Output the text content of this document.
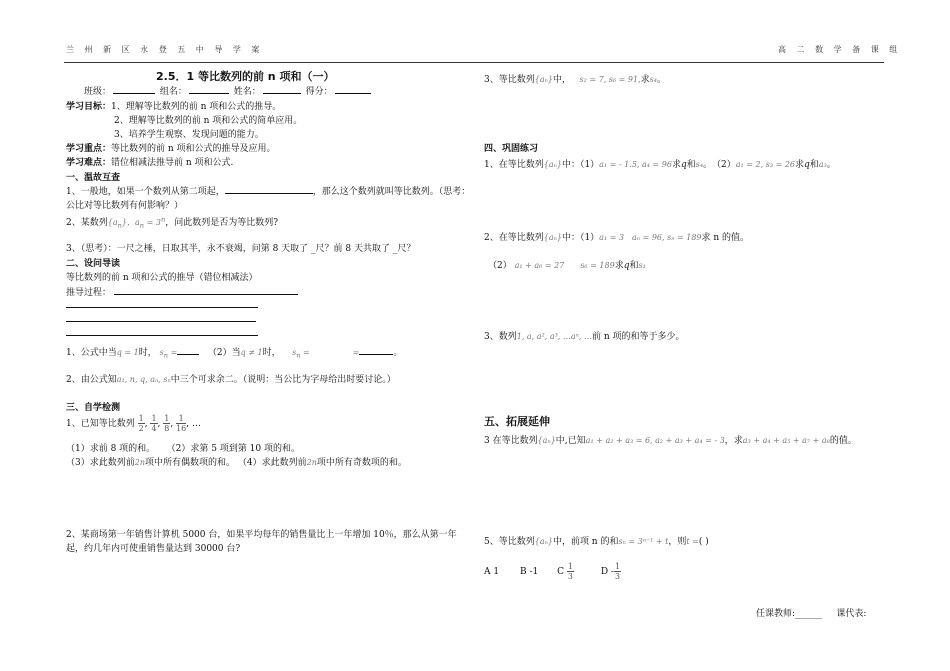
兰 州 新 区 永 登 五 中 导 学 案	高 二 数 学 备 课 组
2.5．1 等比数列的前 n 项和（一）
班级：	组名：	姓名：	得分：
学习目标：1、理解等比数列的前 n 项和公式的推导。
2、理解等比数列的前 n 项和公式的简单应用。
3、培养学生观察、发现问题的能力。
学习重点：等比数列的前 n 项和公式的推导及应用。
学习难点：错位相减法推导前 n 项和公式.
一、温故互查
1、一般地，如果一个数列从第二项起，	，那么这个数列就叫等比数列。（思考：
公比对等比数列有何影响？）
2、某数列$\{a_n\}$，$a_n = 3^n$，问此数列是否为等比数列?
3、（思考）：一尺之棰，日取其半，永不衰竭，问第 8 天取了 _尺？前 8 天共取了 _尺？
二、设问导读
等比数列的前 n 项和公式的推导（错位相减法）
推导过程：
1、公式中当q = 1时， $s_n$ =	（2）当q ≠ 1时， $s_n$ =	=	。
2、由公式知a₁, n, q, aₙ, sₙ中三个可求余二。（说明：当公比为字母给出时要讨论。）
三、自学检测
1、已知等比数列 $\frac{1}{2}$ , $\frac{1}{4}$ , $\frac{1}{8}$ , $\frac{1}{16}$ , …
（1）求前 8 项的和。 （2）求第 5 项到第 10 项的和。
（3）求此数列前2n项中所有偶数项的和。 （4）求此数列前2n项中所有奇数项的和。
2、某商场第一年销售计算机 5000 台，如果平均每年的销售量比上一年增加 10％，那么从第一年
起，约几年内可使重销售量达到 30000 台?
3、等比数列{aₙ}中， s₂ = 7, s₆ = 91,求s₄。
四、巩固练习
1、在等比数列{aₙ}中：（1）a₁ = - 1.5, a₄ = 96求q和s₄。　（2）a₁ = 2, s₃ = 26求q和a₃。
2、在等比数列{aₙ}中：（1）a₁ = 3　aₙ = 96, sₙ = 189求 n 的值。
（2） a₁ + a₆ = 27　　s₆ = 189求q和s₁
3、数列1, a, a², a³, …aⁿ, …前 n 项的和等于多少。
五、拓展延伸
3 在等比数列{aₙ}中,已知a₁ + a₂ + a₃ = 6, a₂ + a₃ + a₄ = - 3，求a₃ + a₄ + a₅ + a₇ + a₈的值。
5、等比数列{aₙ}中，前项 n 的和sₙ = 3ⁿ⁻¹ + t，则t =( )
A 1 B -1 C $\frac{1}{3}$	D - $\frac{1}{3}$
任课教师:______ 课代表:
